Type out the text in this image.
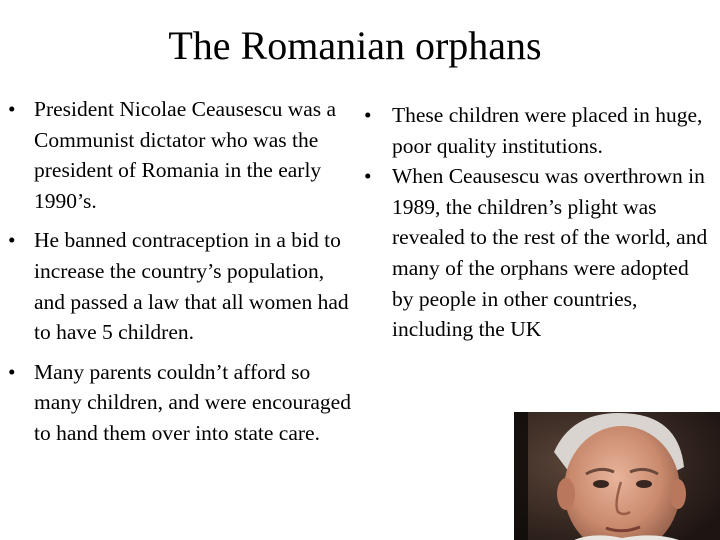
The Romanian orphans
• President Nicolae Ceausescu was a Communist dictator who was the president of Romania in the early 1990’s.
• He banned contraception in a bid to increase the country’s population, and passed a law that all women had to have 5 children.
• Many parents couldn’t afford so many children, and were encouraged to hand them over into state care.
• These children were placed in huge, poor quality institutions.
• When Ceausescu was overthrown in 1989, the children’s plight was revealed to the rest of the world, and many of the orphans were adopted by people in other countries, including the UK
